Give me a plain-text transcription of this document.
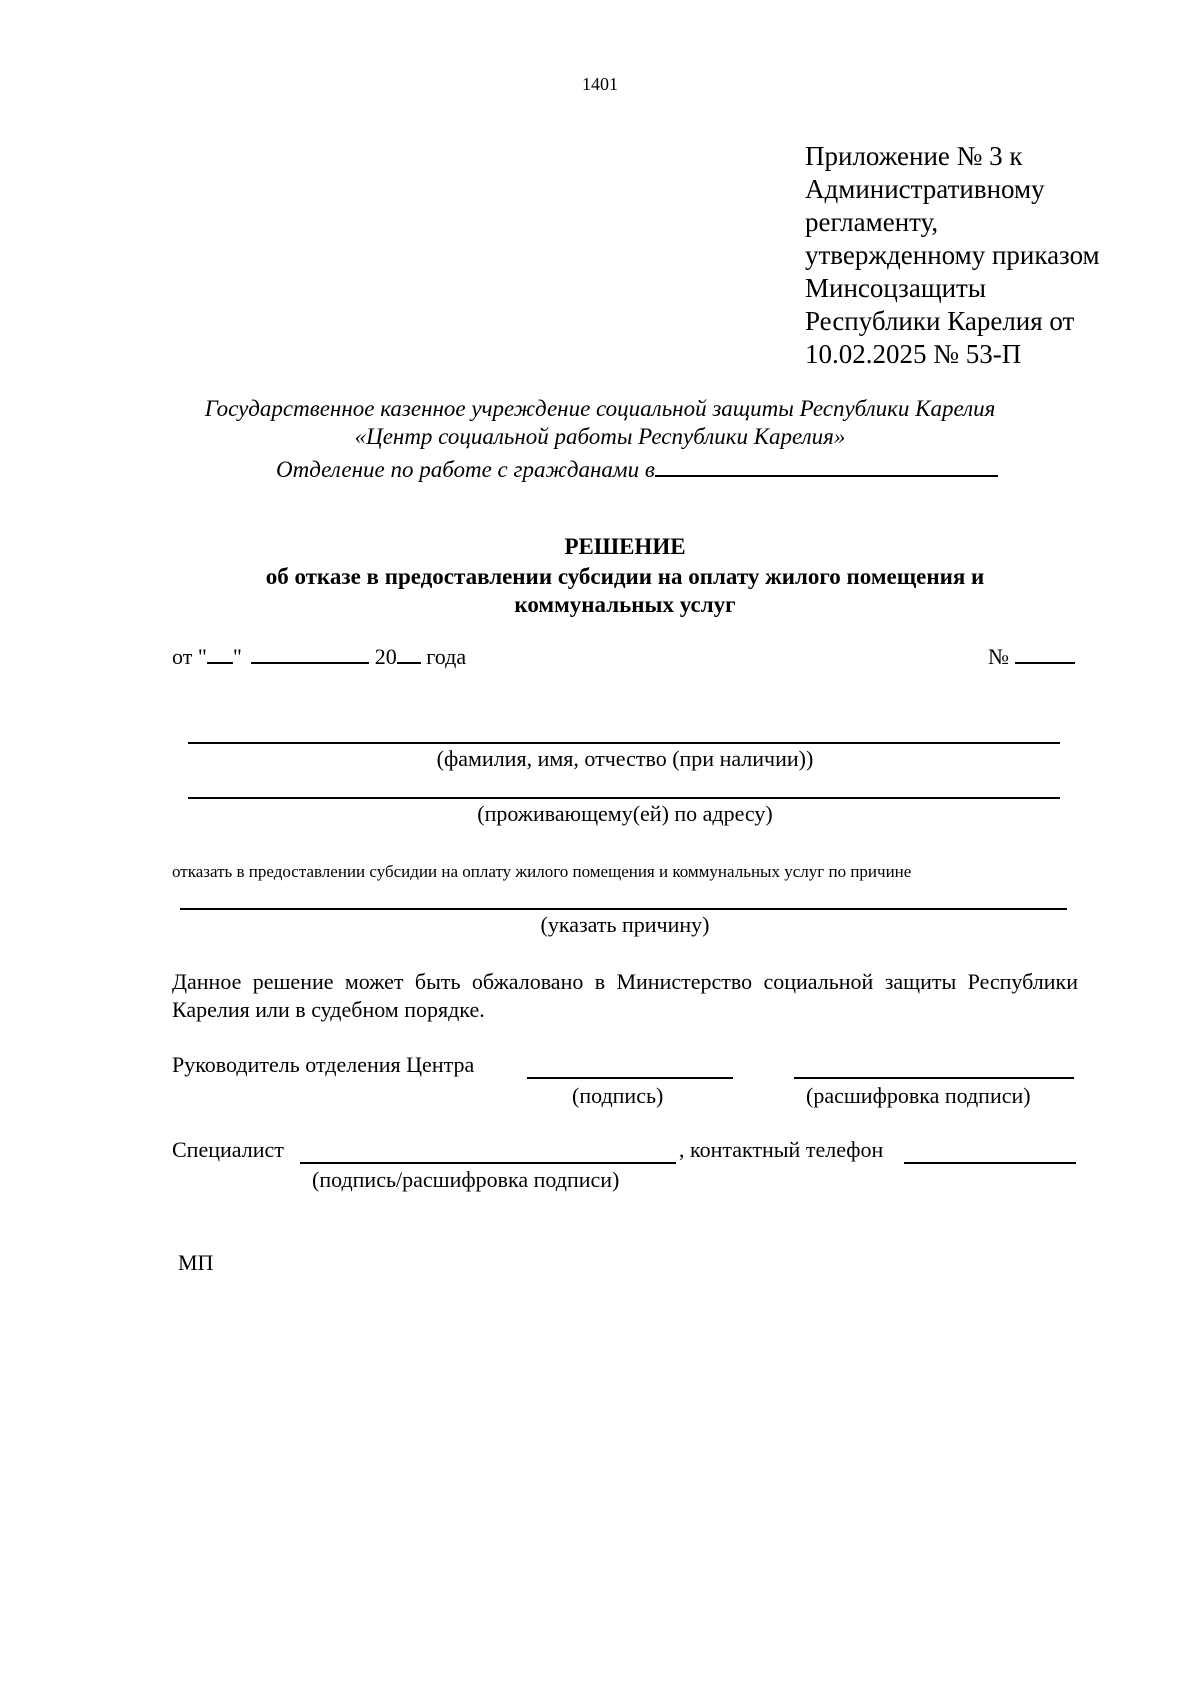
1401
Приложение № 3 к
Административному
регламенту,
утвержденному приказом
Минсоцзащиты
Республики Карелия от
10.02.2025 № 53-П
Государственное казенное учреждение социальной защиты Республики Карелия
«Центр социальной работы Республики Карелия»
Отделение по работе с гражданами в
РЕШЕНИЕ
об отказе в предоставлении субсидии на оплату жилого помещения и
коммунальных услуг
от " "	20 года	№
(фамилия, имя, отчество (при наличии))
(проживающему(ей) по адресу)
отказать в предоставлении субсидии на оплату жилого помещения и коммунальных услуг по причине
(указать причину)
Данное решение может быть обжаловано в Министерство социальной защиты Республики Карелия или в судебном порядке.
Руководитель отделения Центра
(подпись)	(расшифровка подписи)
Специалист	, контактный телефон
(подпись/расшифровка подписи)
МП
